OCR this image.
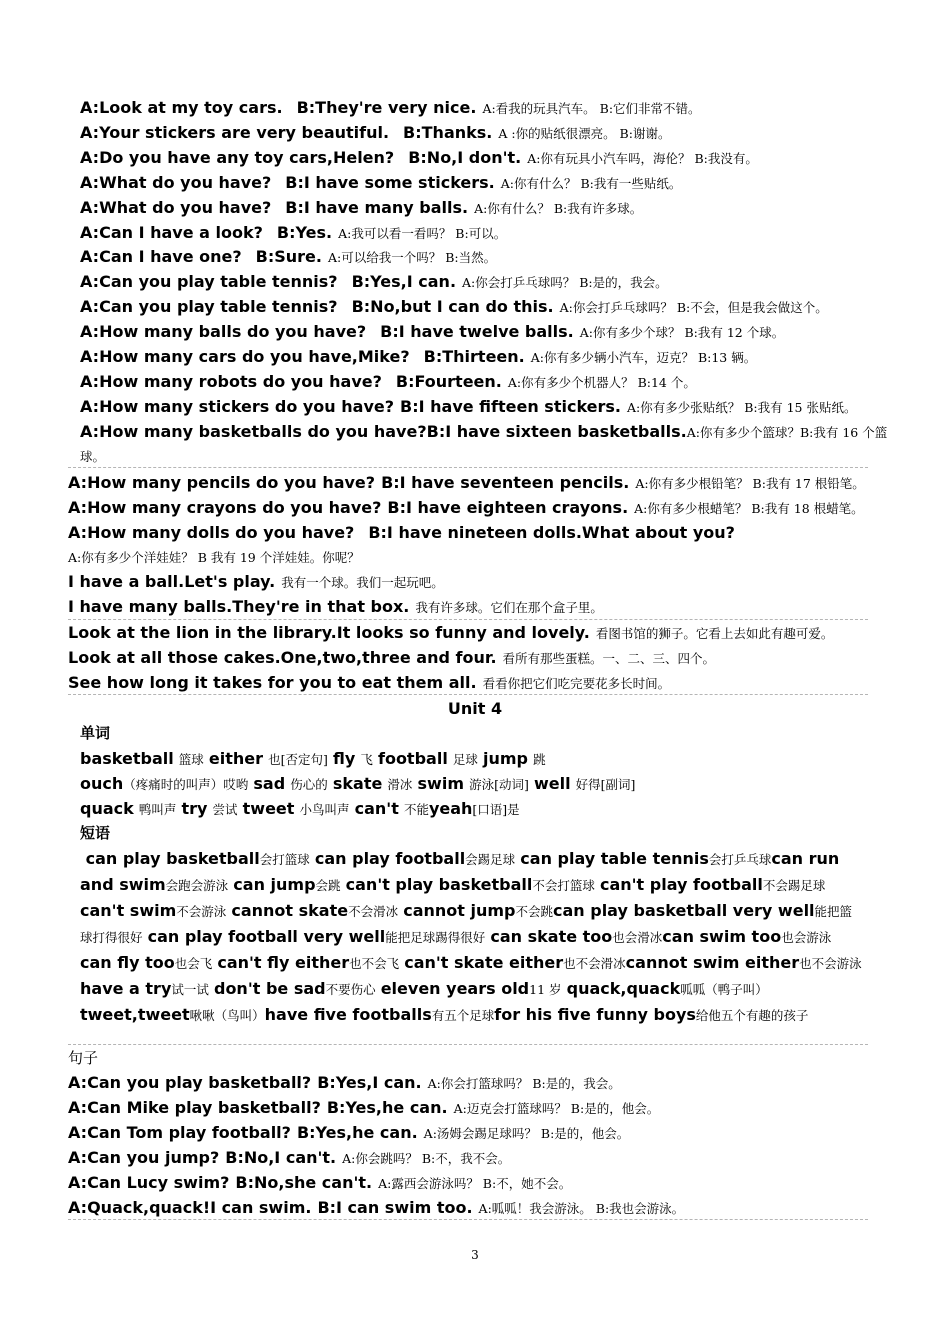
A:Look at my toy cars. B:They're very nice. A:看我的玩具汽车。 B:它们非常不错。
A:Your stickers are very beautiful. B:Thanks. A :你的贴纸很漂亮。 B:谢谢。
A:Do you have any toy cars,Helen? B:No,I don't. A:你有玩具小汽车吗，海伦？ B:我没有。
A:What do you have? B:I have some stickers. A:你有什么？ B:我有一些贴纸。
A:What do you have? B:I have many balls. A:你有什么？ B:我有许多球。
A:Can I have a look? B:Yes. A:我可以看一看吗？ B:可以。
A:Can I have one? B:Sure. A:可以给我一个吗？ B:当然。
A:Can you play table tennis? B:Yes,I can. A:你会打乒乓球吗？ B:是的，我会。
A:Can you play table tennis? B:No,but I can do this. A:你会打乒乓球吗？ B:不会，但是我会做这个。
A:How many balls do you have? B:I have twelve balls. A:你有多少个球？ B:我有 12 个球。
A:How many cars do you have,Mike? B:Thirteen. A:你有多少辆小汽车，迈克？ B:13 辆。
A:How many robots do you have? B:Fourteen. A:你有多少个机器人？ B:14 个。
A:How many stickers do you have? B:I have fifteen stickers. A:你有多少张贴纸？ B:我有 15 张贴纸。
A:How many basketballs do you have?B:I have sixteen basketballs.A:你有多少个篮球？B:我有 16 个篮
球。
A:How many pencils do you have? B:I have seventeen pencils. A:你有多少根铅笔？ B:我有 17 根铅笔。
A:How many crayons do you have? B:I have eighteen crayons. A:你有多少根蜡笔？ B:我有 18 根蜡笔。
A:How many dolls do you have? B:I have nineteen dolls.What about you?
A:你有多少个洋娃娃？ B 我有 19 个洋娃娃。你呢？
I have a ball.Let's play. 我有一个球。我们一起玩吧。
I have many balls.They're in that box. 我有许多球。它们在那个盒子里。
Look at the lion in the library.It looks so funny and lovely. 看图书馆的狮子。它看上去如此有趣可爱。
Look at all those cakes.One,two,three and four. 看所有那些蛋糕。一、二、三、四个。
See how long it takes for you to eat them all. 看看你把它们吃完要花多长时间。
Unit 4
单词
basketball 篮球 either 也[否定句] fly 飞 football 足球 jump 跳
ouch（疼痛时的叫声）哎哟 sad 伤心的 skate 滑冰 swim 游泳[动词] well 好得[副词]
quack 鸭叫声 try 尝试 tweet 小鸟叫声 can't 不能yeah[口语]是
短语
can play basketball会打篮球 can play football会踢足球 can play table tennis会打乒乓球can run and swim会跑会游泳 can jump会跳 can't play basketball不会打篮球 can't play football不会踢足球 can't swim不会游泳 cannot skate不会滑冰 cannot jump不会跳can play basketball very well能把篮球打得很好 can play football very well能把足球踢得很好 can skate too也会滑冰can swim too也会游泳 can fly too也会飞 can't fly either也不会飞 can't skate either也不会滑冰cannot swim either也不会游泳 have a try试一试 don't be sad不要伤心 eleven years old11 岁 quack,quack呱呱（鸭子叫）tweet,tweet啾啾（鸟叫）have five footballs有五个足球for his five funny boys给他五个有趣的孩子
句子
A:Can you play basketball? B:Yes,I can. A:你会打篮球吗？ B:是的，我会。
A:Can Mike play basketball? B:Yes,he can. A:迈克会打篮球吗？ B:是的，他会。
A:Can Tom play football? B:Yes,he can. A:汤姆会踢足球吗？ B:是的，他会。
A:Can you jump? B:No,I can't. A:你会跳吗？ B:不，我不会。
A:Can Lucy swim? B:No,she can't. A:露西会游泳吗？ B:不，她不会。
A:Quack,quack!I can swim. B:I can swim too. A:呱呱！我会游泳。 B:我也会游泳。
3
